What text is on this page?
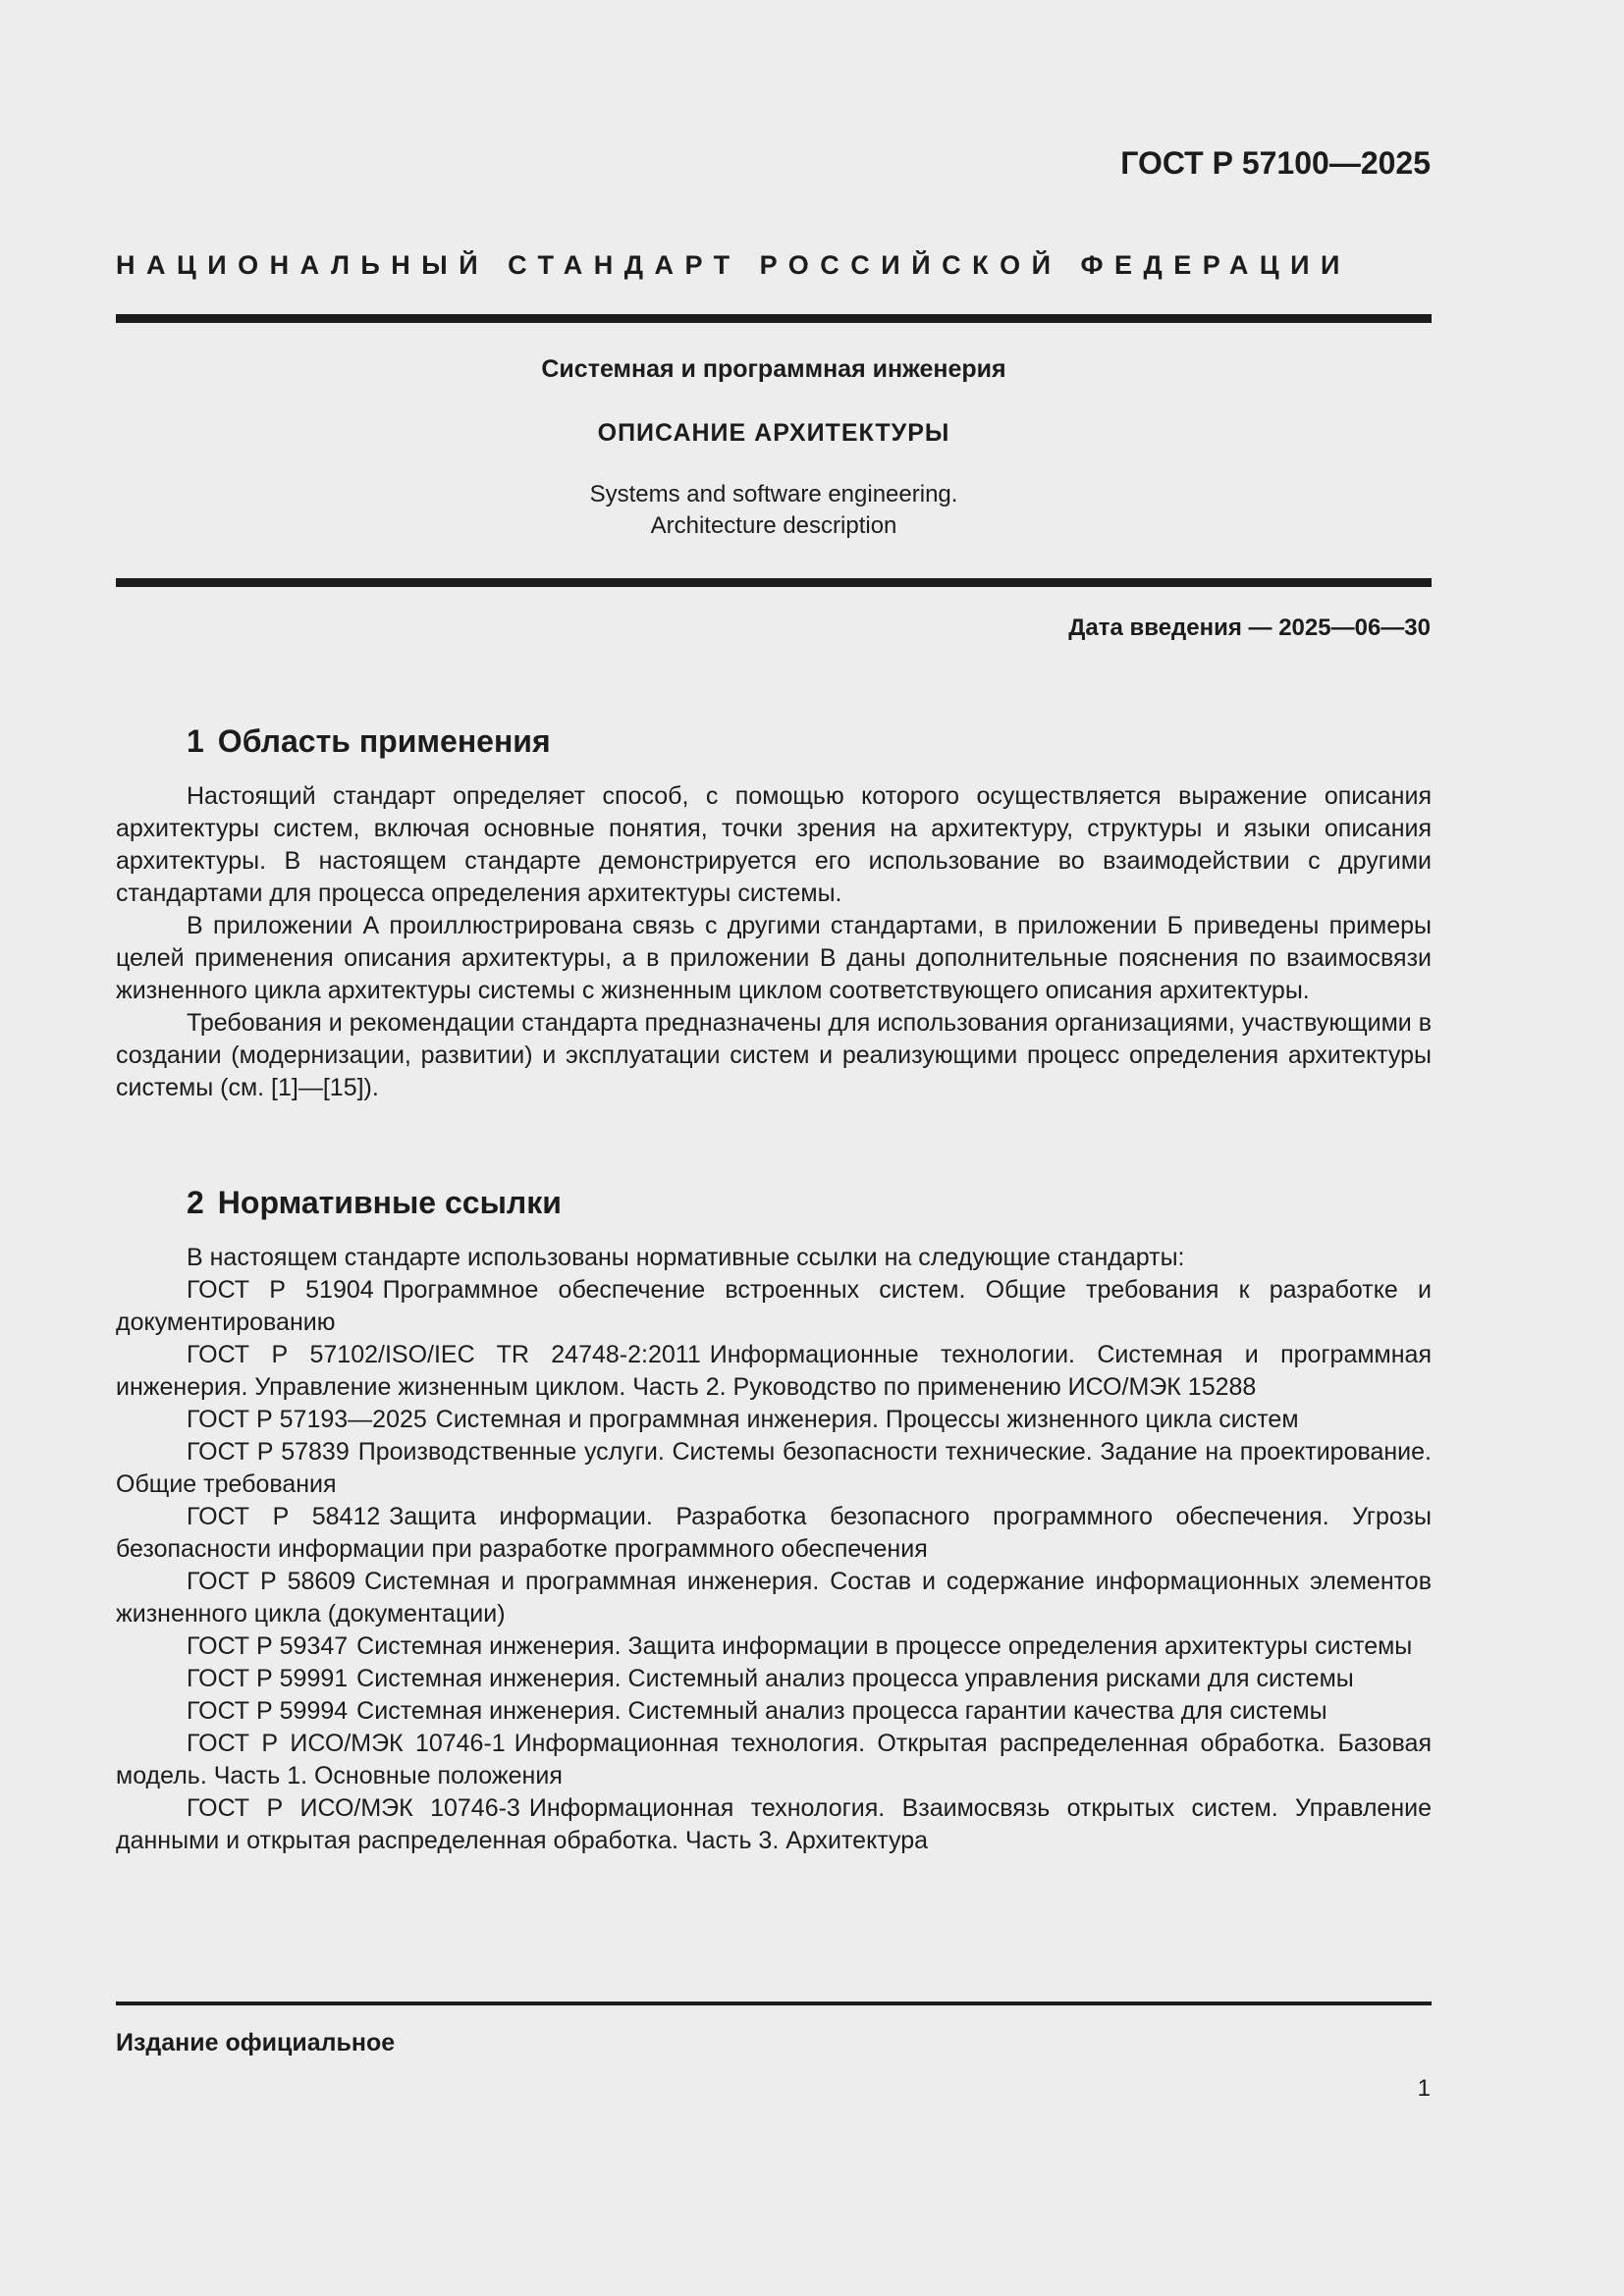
ГОСТ Р 57100—2025
НАЦИОНАЛЬНЫЙ СТАНДАРТ РОССИЙСКОЙ ФЕДЕРАЦИИ
Системная и программная инженерия
ОПИСАНИЕ АРХИТЕКТУРЫ
Systems and software engineering.
Architecture description
Дата введения — 2025—06—30
1 Область применения

Настоящий стандарт определяет способ, с помощью которого осуществляется выражение описания архитектуры систем, включая основные понятия, точки зрения на архитектуру, структуры и языки описания архитектуры. В настоящем стандарте демонстрируется его использование во взаимодействии с другими стандартами для процесса определения архитектуры системы.

В приложении А проиллюстрирована связь с другими стандартами, в приложении Б приведены примеры целей применения описания архитектуры, а в приложении В даны дополнительные пояснения по взаимосвязи жизненного цикла архитектуры системы с жизненным циклом соответствующего описания архитектуры.

Требования и рекомендации стандарта предназначены для использования организациями, участвующими в создании (модернизации, развитии) и эксплуатации систем и реализующими процесс определения архитектуры системы (см. [1]—[15]).

2 Нормативные ссылки

В настоящем стандарте использованы нормативные ссылки на следующие стандарты:

ГОСТ Р 51904 Программное обеспечение встроенных систем. Общие требования к разработке и документированию

ГОСТ Р 57102/ISO/IEC TR 24748-2:2011 Информационные технологии. Системная и программная инженерия. Управление жизненным циклом. Часть 2. Руководство по применению ИСО/МЭК 15288

ГОСТ Р 57193—2025 Системная и программная инженерия. Процессы жизненного цикла систем

ГОСТ Р 57839 Производственные услуги. Системы безопасности технические. Задание на проектирование. Общие требования

ГОСТ Р 58412 Защита информации. Разработка безопасного программного обеспечения. Угрозы безопасности информации при разработке программного обеспечения

ГОСТ Р 58609 Системная и программная инженерия. Состав и содержание информационных элементов жизненного цикла (документации)

ГОСТ Р 59347 Системная инженерия. Защита информации в процессе определения архитектуры системы

ГОСТ Р 59991 Системная инженерия. Системный анализ процесса управления рисками для системы

ГОСТ Р 59994 Системная инженерия. Системный анализ процесса гарантии качества для системы

ГОСТ Р ИСО/МЭК 10746-1 Информационная технология. Открытая распределенная обработка. Базовая модель. Часть 1. Основные положения

ГОСТ Р ИСО/МЭК 10746-3 Информационная технология. Взаимосвязь открытых систем. Управление данными и открытая распределенная обработка. Часть 3. Архитектура

Издание официальное
1
